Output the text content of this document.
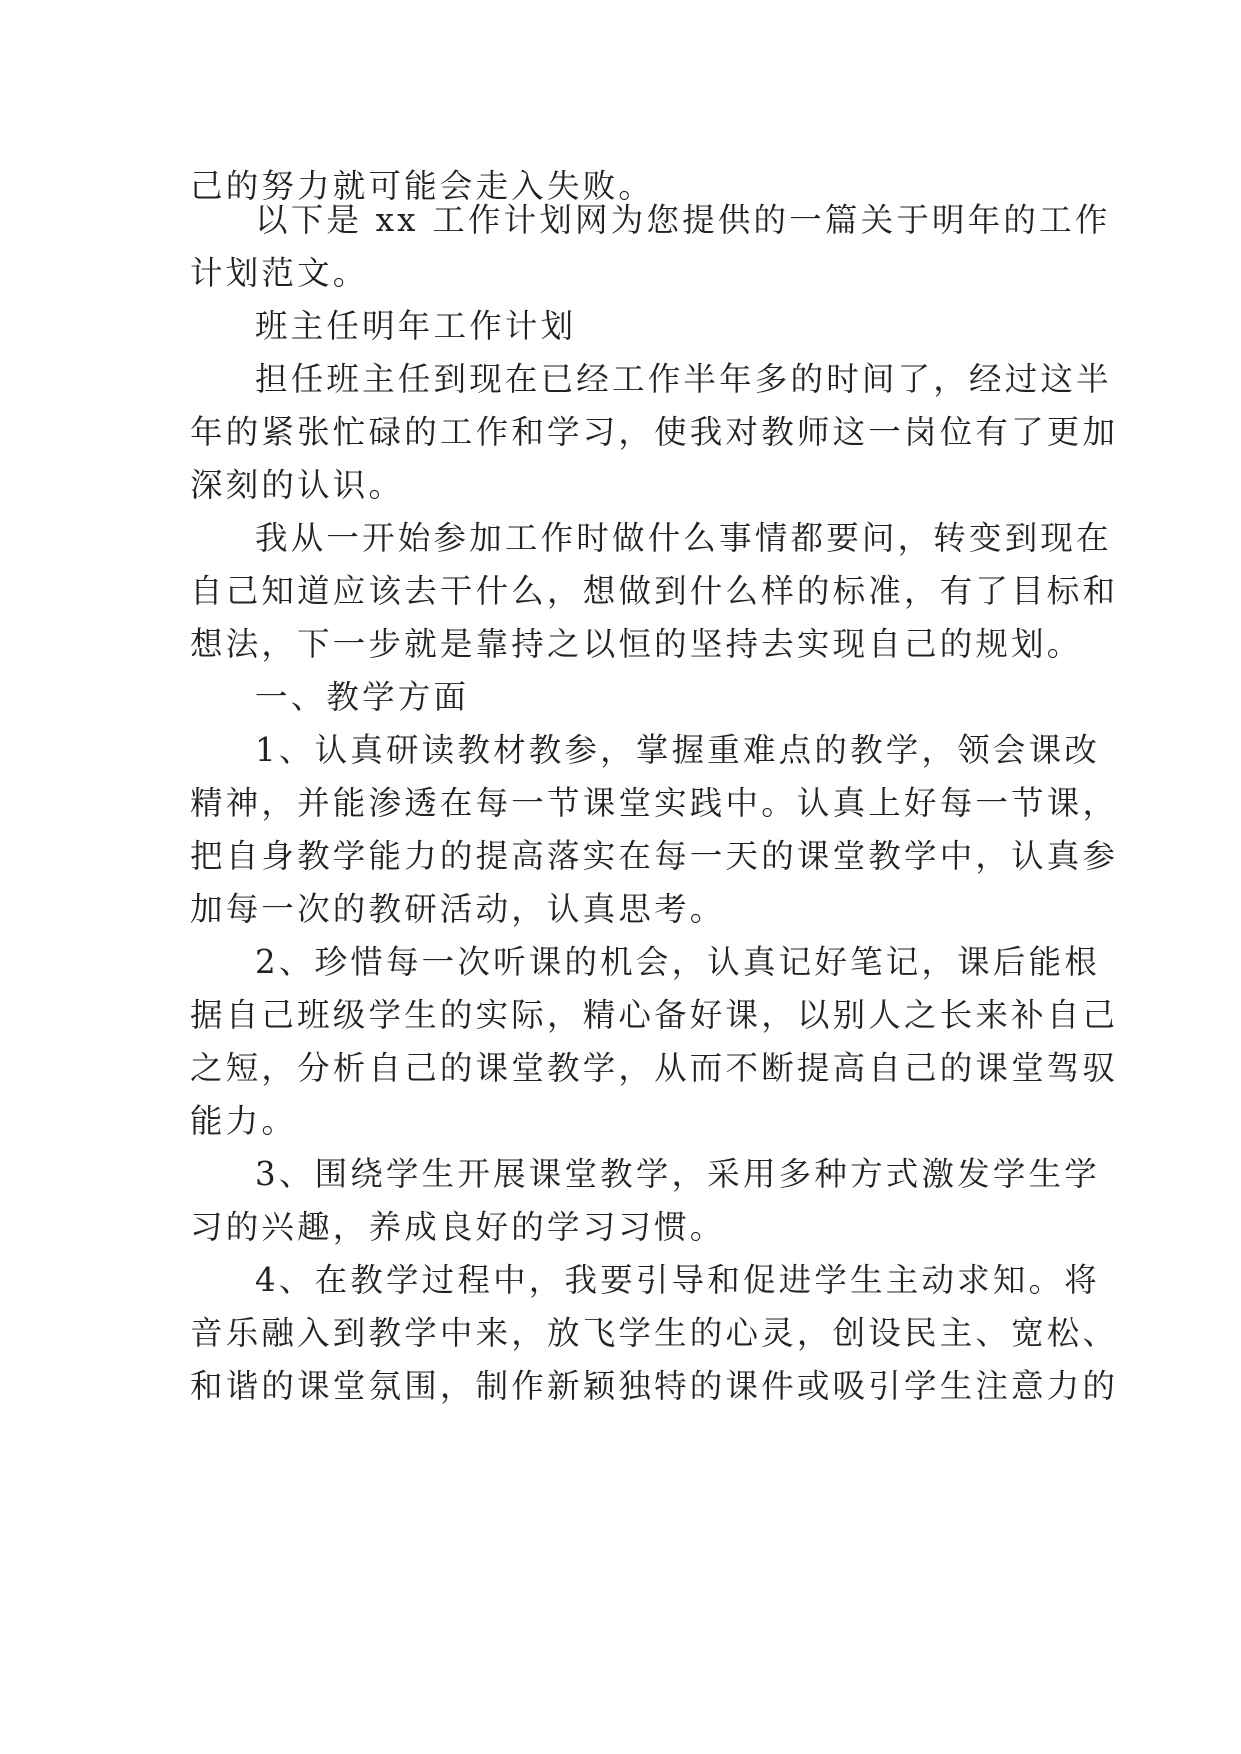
己的努力就可能会走入失败。
以下是 xx 工作计划网为您提供的一篇关于明年的工作
计划范文。
班主任明年工作计划
担任班主任到现在已经工作半年多的时间了，经过这半
年的紧张忙碌的工作和学习，使我对教师这一岗位有了更加
深刻的认识。
我从一开始参加工作时做什么事情都要问，转变到现在
自己知道应该去干什么，想做到什么样的标准，有了目标和
想法，下一步就是靠持之以恒的坚持去实现自己的规划。
一、教学方面
1、认真研读教材教参，掌握重难点的教学，领会课改
精神，并能渗透在每一节课堂实践中。认真上好每一节课，
把自身教学能力的提高落实在每一天的课堂教学中，认真参
加每一次的教研活动，认真思考。
2、珍惜每一次听课的机会，认真记好笔记，课后能根
据自己班级学生的实际，精心备好课，以别人之长来补自己
之短，分析自己的课堂教学，从而不断提高自己的课堂驾驭
能力。
3、围绕学生开展课堂教学，采用多种方式激发学生学
习的兴趣，养成良好的学习习惯。
4、在教学过程中，我要引导和促进学生主动求知。将
音乐融入到教学中来，放飞学生的心灵，创设民主、宽松、
和谐的课堂氛围，制作新颖独特的课件或吸引学生注意力的
